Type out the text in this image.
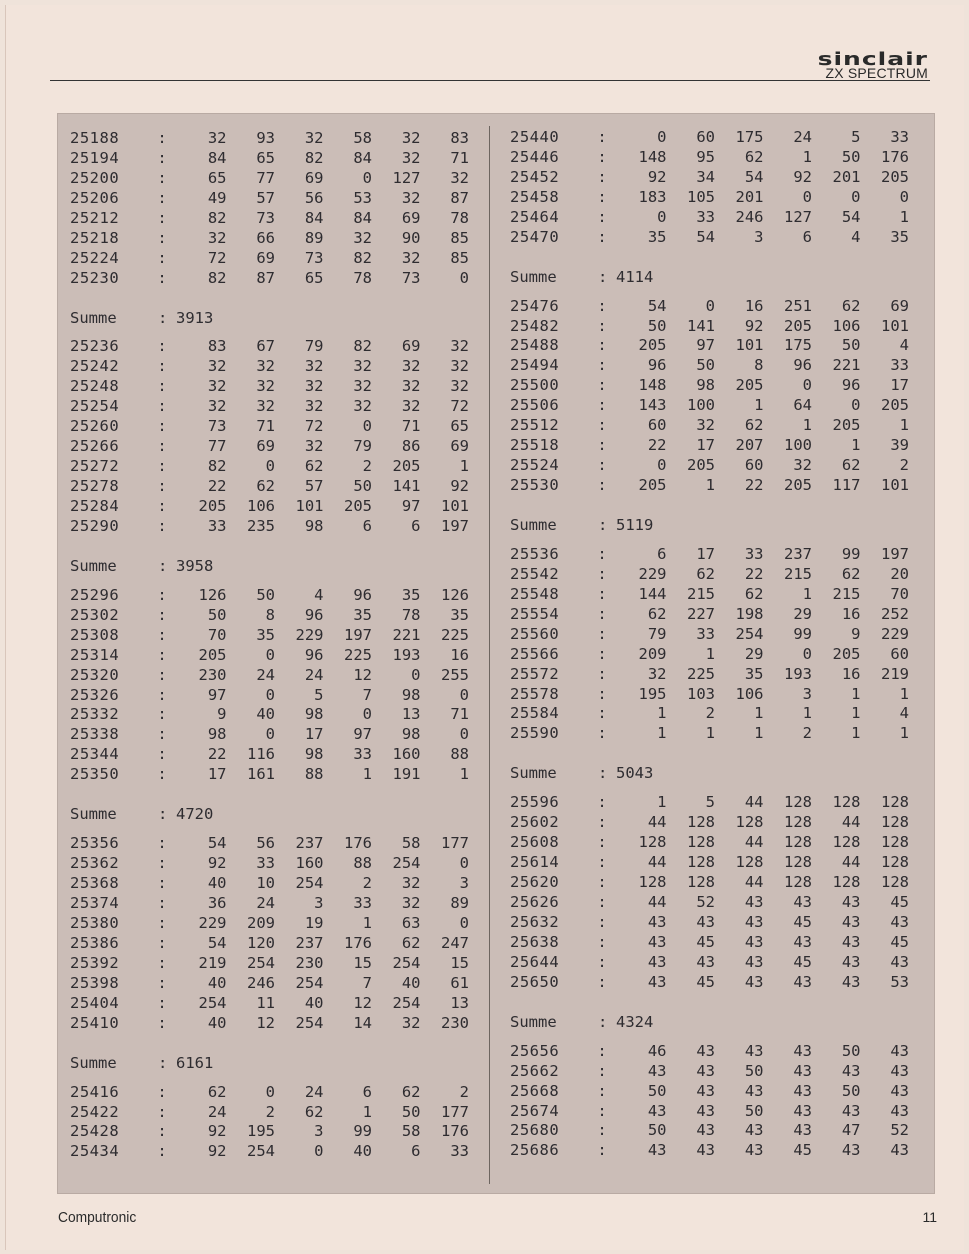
sinclair
ZX SPECTRUM
25188	:	32	93	32	58	32	83
25194	:	84	65	82	84	32	71
25200	:	65	77	69	0	127	32
25206	:	49	57	56	53	32	87
25212	:	82	73	84	84	69	78
25218	:	32	66	89	32	90	85
25224	:	72	69	73	82	32	85
25230	:	82	87	65	78	73	0
Summe	: 3913
25236	:	83	67	79	82	69	32
25242	:	32	32	32	32	32	32
25248	:	32	32	32	32	32	32
25254	:	32	32	32	32	32	72
25260	:	73	71	72	0	71	65
25266	:	77	69	32	79	86	69
25272	:	82	0	62	2	205	1
25278	:	22	62	57	50	141	92
25284	:	205	106	101	205	97	101
25290	:	33	235	98	6	6	197
Summe	: 3958
25296	:	126	50	4	96	35	126
25302	:	50	8	96	35	78	35
25308	:	70	35	229	197	221	225
25314	:	205	0	96	225	193	16
25320	:	230	24	24	12	0	255
25326	:	97	0	5	7	98	0
25332	:	9	40	98	0	13	71
25338	:	98	0	17	97	98	0
25344	:	22	116	98	33	160	88
25350	:	17	161	88	1	191	1
Summe	: 4720
25356	:	54	56	237	176	58	177
25362	:	92	33	160	88	254	0
25368	:	40	10	254	2	32	3
25374	:	36	24	3	33	32	89
25380	:	229	209	19	1	63	0
25386	:	54	120	237	176	62	247
25392	:	219	254	230	15	254	15
25398	:	40	246	254	7	40	61
25404	:	254	11	40	12	254	13
25410	:	40	12	254	14	32	230
Summe	: 6161
25416	:	62	0	24	6	62	2
25422	:	24	2	62	1	50	177
25428	:	92	195	3	99	58	176
25434	:	92	254	0	40	6	33
25440	:	0	60	175	24	5	33
25446	:	148	95	62	1	50	176
25452	:	92	34	54	92	201	205
25458	:	183	105	201	0	0	0
25464	:	0	33	246	127	54	1
25470	:	35	54	3	6	4	35
Summe	: 4114
25476	:	54	0	16	251	62	69
25482	:	50	141	92	205	106	101
25488	:	205	97	101	175	50	4
25494	:	96	50	8	96	221	33
25500	:	148	98	205	0	96	17
25506	:	143	100	1	64	0	205
25512	:	60	32	62	1	205	1
25518	:	22	17	207	100	1	39
25524	:	0	205	60	32	62	2
25530	:	205	1	22	205	117	101
Summe	: 5119
25536	:	6	17	33	237	99	197
25542	:	229	62	22	215	62	20
25548	:	144	215	62	1	215	70
25554	:	62	227	198	29	16	252
25560	:	79	33	254	99	9	229
25566	:	209	1	29	0	205	60
25572	:	32	225	35	193	16	219
25578	:	195	103	106	3	1	1
25584	:	1	2	1	1	1	4
25590	:	1	1	1	2	1	1
Summe	: 5043
25596	:	1	5	44	128	128	128
25602	:	44	128	128	128	44	128
25608	:	128	128	44	128	128	128
25614	:	44	128	128	128	44	128
25620	:	128	128	44	128	128	128
25626	:	44	52	43	43	43	45
25632	:	43	43	43	45	43	43
25638	:	43	45	43	43	43	45
25644	:	43	43	43	45	43	43
25650	:	43	45	43	43	43	53
Summe	: 4324
25656	:	46	43	43	43	50	43
25662	:	43	43	50	43	43	43
25668	:	50	43	43	43	50	43
25674	:	43	43	50	43	43	43
25680	:	50	43	43	43	47	52
25686	:	43	43	43	45	43	43
Computronic	11
